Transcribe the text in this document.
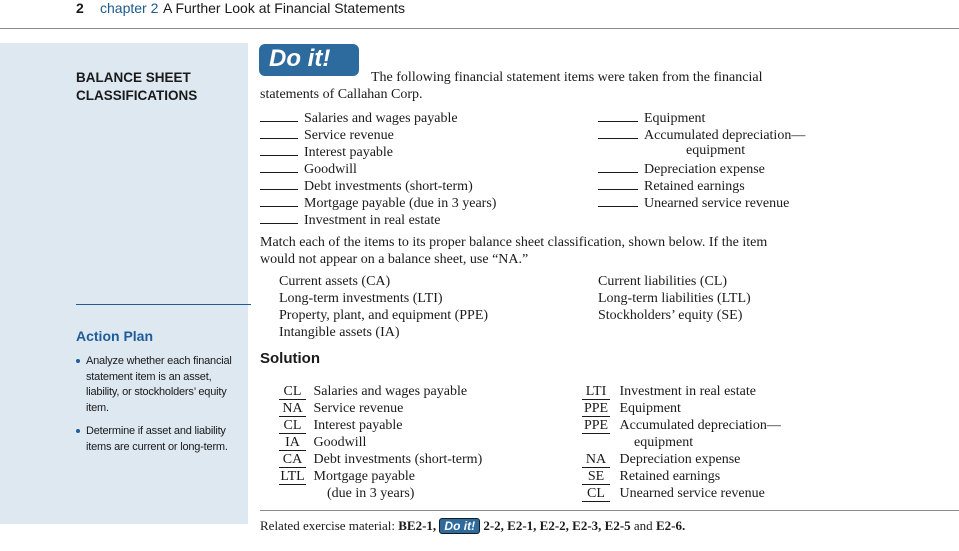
2 chapter 2 A Further Look at Financial Statements
BALANCE SHEET
CLASSIFICATIONS
Action Plan
Analyze whether each financial statement item is an asset, liability, or stockholders’ equity item.
Determine if asset and liability items are current or long-term.
Do it!
The following financial statement items were taken from the financial
statements of Callahan Corp.
Salaries and wages payable
Service revenue
Interest payable
Goodwill
Debt investments (short-term)
Mortgage payable (due in 3 years)
Investment in real estate
Equipment
Accumulated depreciation—
equipment
Depreciation expense
Retained earnings
Unearned service revenue
Match each of the items to its proper balance sheet classification, shown below. If the item
would not appear on a balance sheet, use “NA.”
Current assets (CA)
Long-term investments (LTI)
Property, plant, and equipment (PPE)
Intangible assets (IA)
Current liabilities (CL)
Long-term liabilities (LTL)
Stockholders’ equity (SE)
Solution
CL Salaries and wages payable
NA Service revenue
CL Interest payable
IA Goodwill
CA Debt investments (short-term)
LTL Mortgage payable
(due in 3 years)
LTI Investment in real estate
PPE Equipment
PPE Accumulated depreciation—
equipment
NA Depreciation expense
SE Retained earnings
CL Unearned service revenue
Related exercise material: BE2-1, Do it! 2-2, E2-1, E2-2, E2-3, E2-5 and E2-6.
